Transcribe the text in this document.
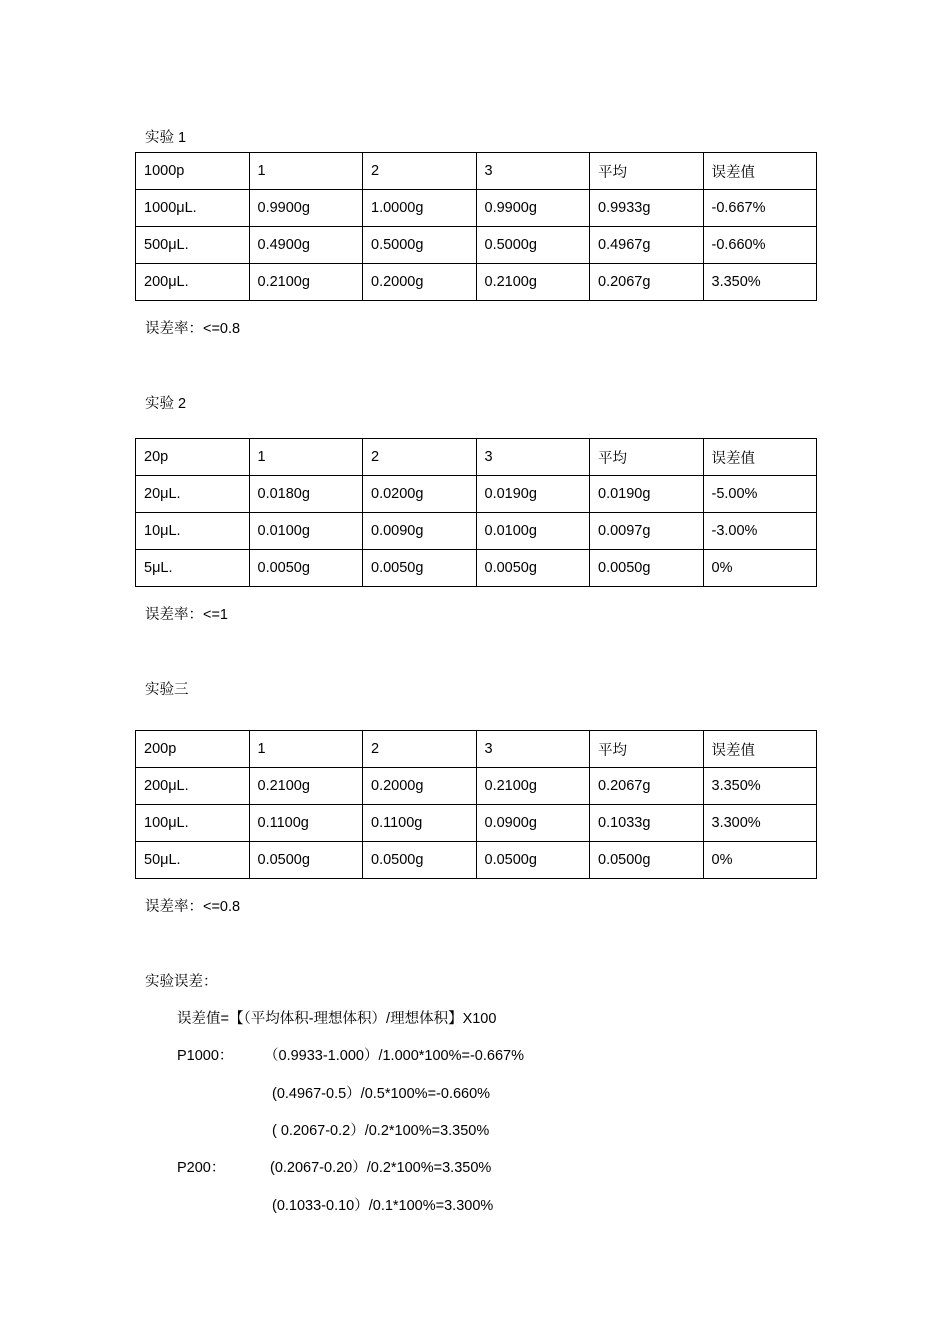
实验 1
1000p	1	2	3	平均	误差值
1000μL.	0.9900g	1.0000g	0.9900g	0.9933g	-0.667%
500μL.	0.4900g	0.5000g	0.5000g	0.4967g	-0.660%
200μL.	0.2100g	0.2000g	0.2100g	0.2067g	3.350%
误差率：<=0.8
实验 2
20p	1	2	3	平均	误差值
20μL.	0.0180g	0.0200g	0.0190g	0.0190g	-5.00%
10μL.	0.0100g	0.0090g	0.0100g	0.0097g	-3.00%
5μL.	0.0050g	0.0050g	0.0050g	0.0050g	0%
误差率：<=1
实验三
200p	1	2	3	平均	误差值
200μL.	0.2100g	0.2000g	0.2100g	0.2067g	3.350%
100μL.	0.1100g	0.1100g	0.0900g	0.1033g	3.300%
50μL.	0.0500g	0.0500g	0.0500g	0.0500g	0%
误差率：<=0.8
实验误差：
误差值=【（平均体积-理想体积）/理想体积】X100
P1000： （0.9933-1.000）/1.000*100%=-0.667%
(0.4967-0.5）/0.5*100%=-0.660%
( 0.2067-0.2）/0.2*100%=3.350%
P200：	(0.2067-0.20）/0.2*100%=3.350%
(0.1033-0.10）/0.1*100%=3.300%
